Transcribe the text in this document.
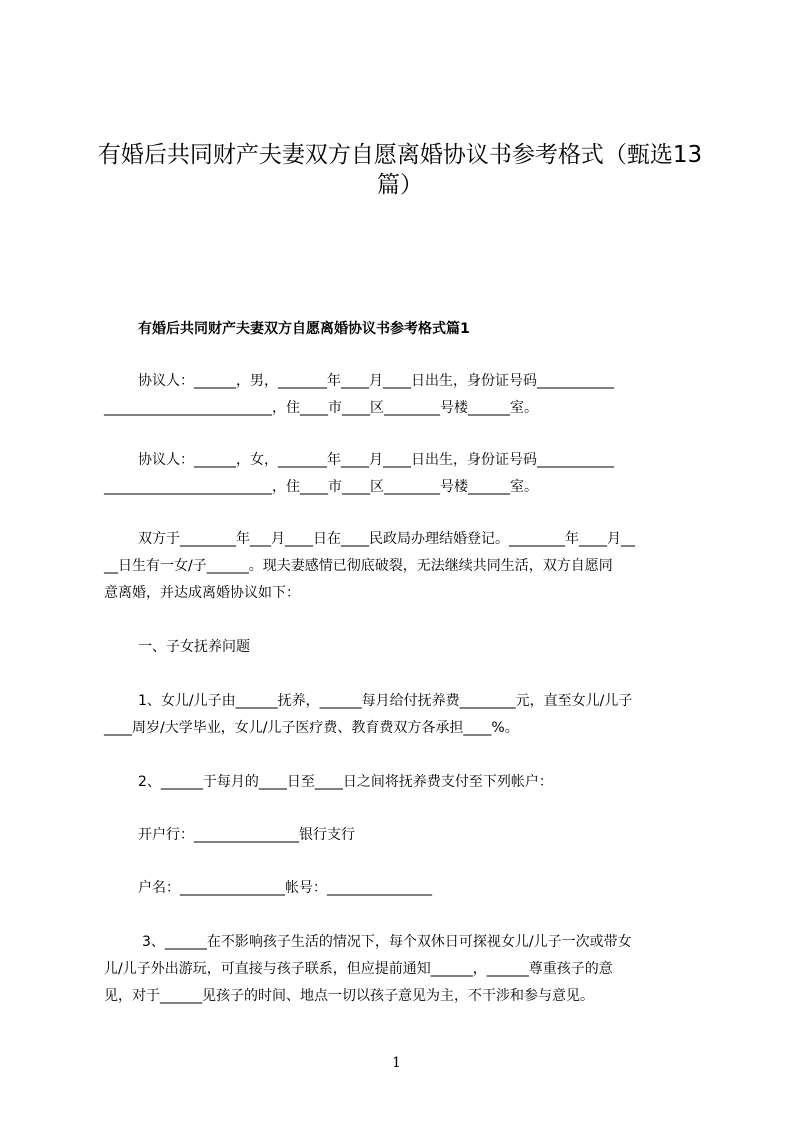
有婚后共同财产夫妻双方自愿离婚协议书参考格式（甄选13篇）
有婚后共同财产夫妻双方自愿离婚协议书参考格式篇1
协议人：______，男，_______年____月____日出生，身份证号码___________
________________________，住____市____区________号楼______室。
协议人：______，女，_______年____月____日出生，身份证号码___________
________________________，住____市____区________号楼______室。
双方于________年___月____日在____民政局办理结婚登记。________年____月__
__日生有一女/子______。现夫妻感情已彻底破裂，无法继续共同生活，双方自愿同
意离婚，并达成离婚协议如下：
一、子女抚养问题
1、女儿/儿子由______抚养，______每月给付抚养费________元，直至女儿/儿子
____周岁/大学毕业，女儿/儿子医疗费、教育费双方各承担____%。
2、______于每月的____日至____日之间将抚养费支付至下列帐户：
开户行：_______________银行支行
户名：_______________帐号：_______________
3、______在不影响孩子生活的情况下，每个双休日可探视女儿/儿子一次或带女
儿/儿子外出游玩，可直接与孩子联系，但应提前通知______，______尊重孩子的意
见，对于______见孩子的时间、地点一切以孩子意见为主，不干涉和参与意见。
1
